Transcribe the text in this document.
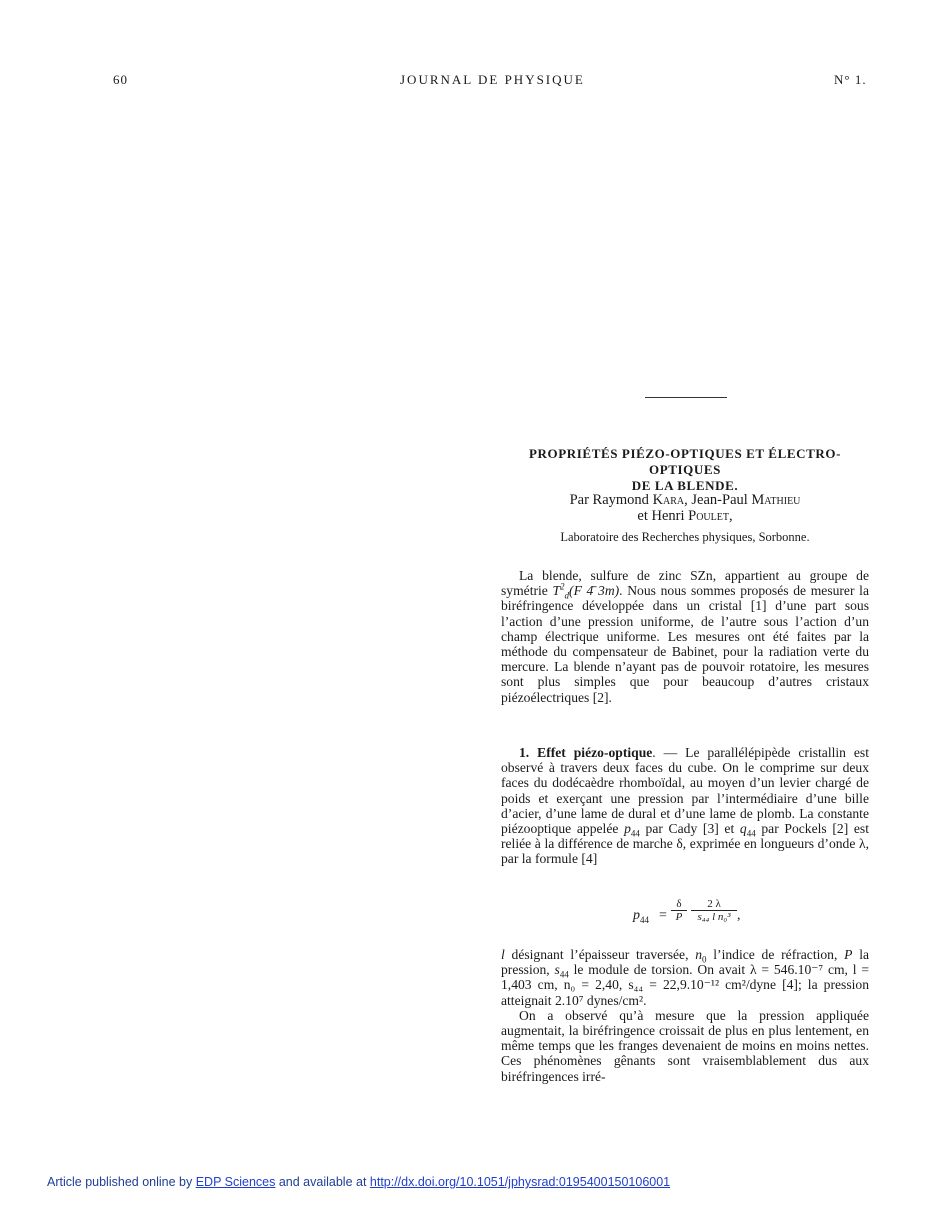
60	JOURNAL DE PHYSIQUE	N° 1.
PROPRIÉTÉS PIÉZO-OPTIQUES ET ÉLECTRO-OPTIQUES
DE LA BLENDE.
Par Raymond Kara, Jean-Paul Mathieu
et Henri Poulet,
Laboratoire des Recherches physiques, Sorbonne.

La blende, sulfure de zinc SZn, appartient au groupe de symétrie $T^2_d(F$ 4̄ 3m). Nous nous sommes proposés de mesurer la biréfringence développée dans un cristal [1] d’une part sous l’action d’une pression uniforme, de l’autre sous l’action d’un champ électrique uniforme. Les mesures ont été faites par la méthode du compensateur de Babinet, pour la radiation verte du mercure. La blende n’ayant pas de pouvoir rotatoire, les mesures sont plus simples que pour beaucoup d’autres cristaux piézoélectriques [2].

1. Effet piézo-optique. — Le parallélépipède cristallin est observé à travers deux faces du cube. On le comprime sur deux faces du dodécaèdre rhomboïdal, au moyen d’un levier chargé de poids et exerçant une pression par l’intermédiaire d’une bille d’acier, d’une lame de dural et d’une lame de plomb. La constante piézooptique appelée $p_{44}$ par Cady [3] et $q_{44}$ par Pockels [2] est reliée à la différence de marche δ, exprimée en longueurs d’onde λ, par la formule [4]

$p_{44} = \frac{\delta}{P} \frac{2 \lambda}{\text{s₄₄ l n₀³}}$ ,

l désignant l’épaisseur traversée, $n_0$ l’indice de réfraction, P la pression, $s_{44}$ le module de torsion. On avait λ = 546.10⁻⁷ cm, l = 1,403 cm, n₀ = 2,40, s₄₄ = 22,9.10⁻¹² cm²/dyne [4]; la pression atteignait 2.10⁷ dynes/cm².

On a observé qu’à mesure que la pression appliquée augmentait, la biréfringence croissait de plus en plus lentement, en même temps que les franges devenaient de moins en moins nettes. Ces phénomènes gênants sont vraisemblablement dus aux biréfringences irré-

Article published online by EDP Sciences and available at http://dx.doi.org/10.1051/jphysrad:0195400150106001
